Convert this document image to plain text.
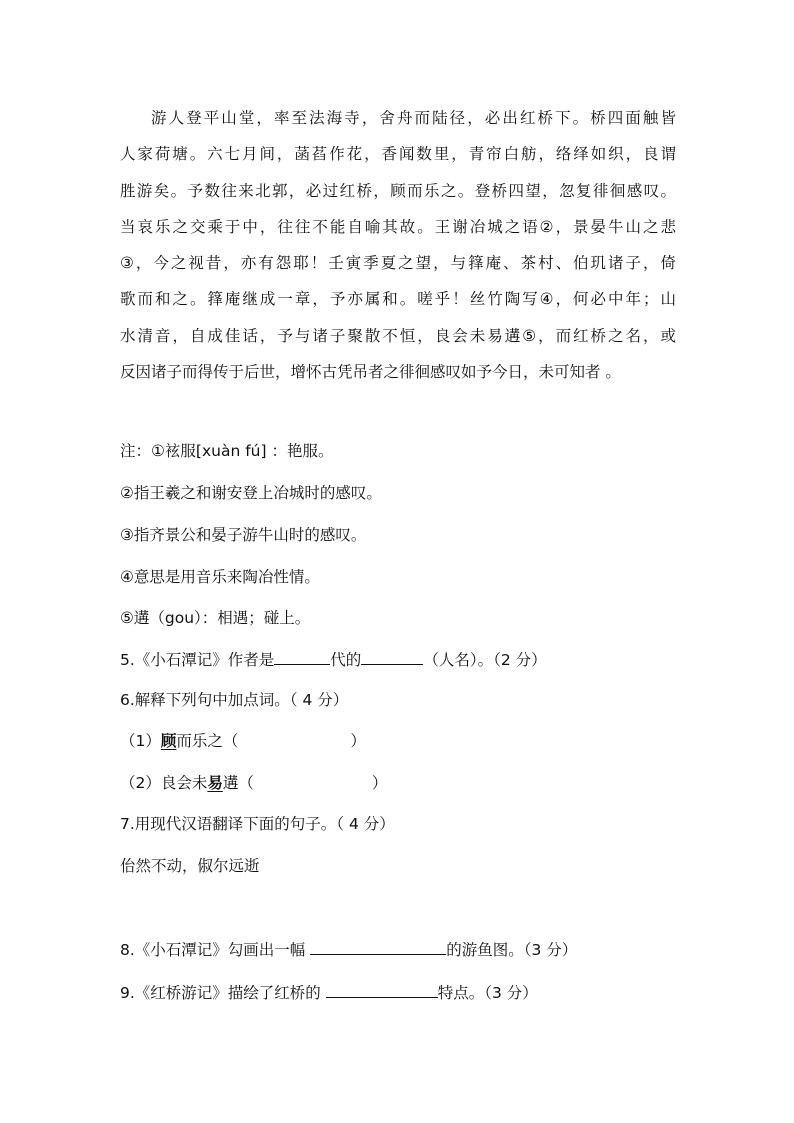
游人登平山堂，率至法海寺，舍舟而陆径，必出红桥下。桥四面触皆
人家荷塘。六七月间，菡萏作花，香闻数里，青帘白舫，络绎如织，良谓
胜游矣。予数往来北郭，必过红桥，顾而乐之。登桥四望，忽复徘徊感叹。
当哀乐之交乘于中，往往不能自喻其故。王谢冶城之语②，景晏牛山之悲
③，今之视昔，亦有怨耶！壬寅季夏之望，与箨庵、茶村、伯玑诸子，倚
歌而和之。箨庵继成一章，予亦属和。嗟乎！丝竹陶写④，何必中年；山
水清音，自成佳话，予与诸子聚散不恒，良会未易遘⑤，而红桥之名，或
反因诸子而得传于后世，增怀古凭吊者之徘徊感叹如予今日，未可知者 。
注：①袨服[xuàn fú] ：艳服。
②指王羲之和谢安登上冶城时的感叹。
③指齐景公和晏子游牛山时的感叹。
④意思是用音乐来陶冶性情。
⑤遘（gou）：相遇；碰上。
5.《小石潭记》作者是	代的	（人名）。（2 分）
6.解释下列句中加点词。（ 4 分）
（1）顾而乐之（	）
（2）良会未易遘（	）
7.用现代汉语翻译下面的句子。（ 4 分）
佁然不动，俶尔远逝
8.《小石潭记》勾画出一幅	的游鱼图。（3 分）
9.《红桥游记》描绘了红桥的	特点。（3 分）
